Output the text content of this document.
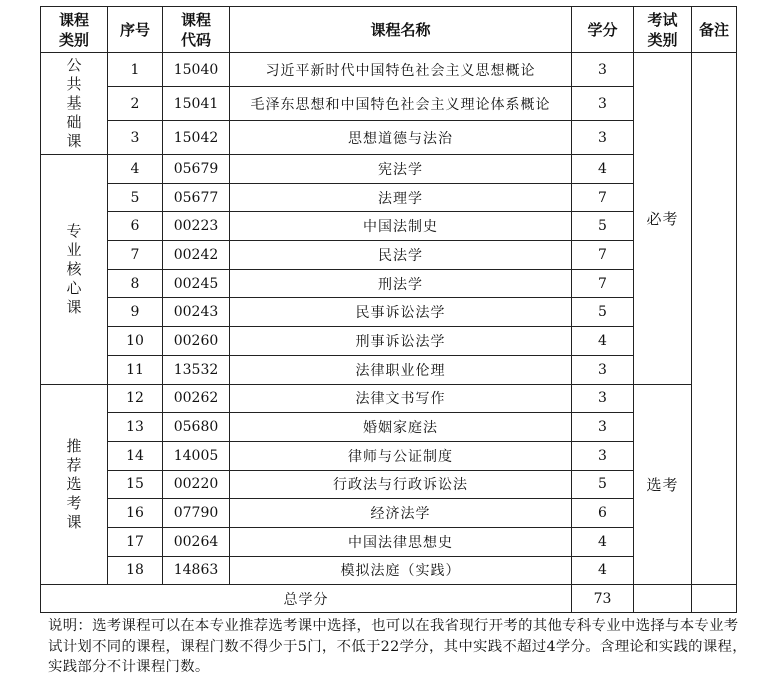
课程类别	序号	课程代码	课程名称	学分	考试类别	备注
公共基础课	1	15040	习近平新时代中国特色社会主义思想概论	3	必考	
	2	15041	毛泽东思想和中国特色社会主义理论体系概论	3		
	3	15042	思想道德与法治	3		
专业核心课	4	05679	宪法学	4		
	5	05677	法理学	7		
	6	00223	中国法制史	5		
	7	00242	民法学	7		
	8	00245	刑法学	7		
	9	00243	民事诉讼法学	5		
	10	00260	刑事诉讼法学	4		
	11	13532	法律职业伦理	3		
推荐选考课	12	00262	法律文书写作	3	选考	
	13	05680	婚姻家庭法	3		
	14	14005	律师与公证制度	3		
	15	00220	行政法与行政诉讼法	5		
	16	07790	经济法学	6		
	17	00264	中国法律思想史	4		
	18	14863	模拟法庭（实践）	4		
总学分				73		
说明：选考课程可以在本专业推荐选考课中选择，也可以在我省现行开考的其他专科专业中选择与本专业考试计划不同的课程，课程门数不得少于5门，不低于22学分，其中实践不超过4学分。含理论和实践的课程，实践部分不计课程门数。
